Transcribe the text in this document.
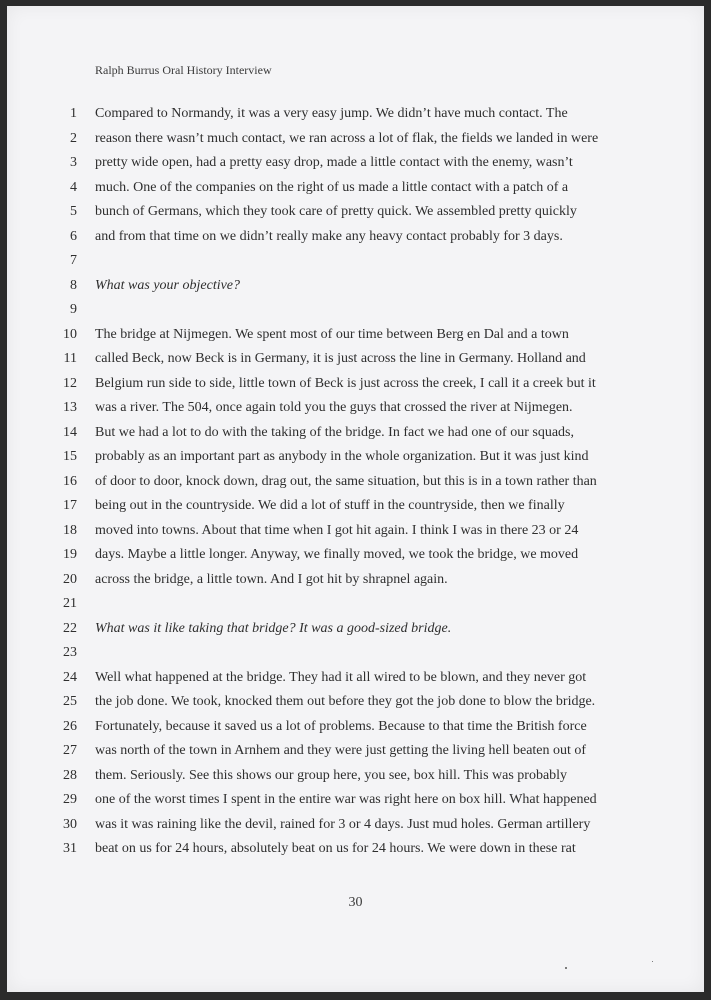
Ralph Burrus Oral History Interview
1 Compared to Normandy, it was a very easy jump. We didn’t have much contact. The
2 reason there wasn’t much contact, we ran across a lot of flak, the fields we landed in were
3 pretty wide open, had a pretty easy drop, made a little contact with the enemy, wasn’t
4 much. One of the companies on the right of us made a little contact with a patch of a
5 bunch of Germans, which they took care of pretty quick. We assembled pretty quickly
6 and from that time on we didn’t really make any heavy contact probably for 3 days.
7
8 What was your objective?
9
10 The bridge at Nijmegen. We spent most of our time between Berg en Dal and a town
11 called Beck, now Beck is in Germany, it is just across the line in Germany. Holland and
12 Belgium run side to side, little town of Beck is just across the creek, I call it a creek but it
13 was a river. The 504, once again told you the guys that crossed the river at Nijmegen.
14 But we had a lot to do with the taking of the bridge. In fact we had one of our squads,
15 probably as an important part as anybody in the whole organization. But it was just kind
16 of door to door, knock down, drag out, the same situation, but this is in a town rather than
17 being out in the countryside. We did a lot of stuff in the countryside, then we finally
18 moved into towns. About that time when I got hit again. I think I was in there 23 or 24
19 days. Maybe a little longer. Anyway, we finally moved, we took the bridge, we moved
20 across the bridge, a little town. And I got hit by shrapnel again.
21
22 What was it like taking that bridge? It was a good-sized bridge.
23
24 Well what happened at the bridge. They had it all wired to be blown, and they never got
25 the job done. We took, knocked them out before they got the job done to blow the bridge.
26 Fortunately, because it saved us a lot of problems. Because to that time the British force
27 was north of the town in Arnhem and they were just getting the living hell beaten out of
28 them. Seriously. See this shows our group here, you see, box hill. This was probably
29 one of the worst times I spent in the entire war was right here on box hill. What happened
30 was it was raining like the devil, rained for 3 or 4 days. Just mud holes. German artillery
31 beat on us for 24 hours, absolutely beat on us for 24 hours. We were down in these rat
30
